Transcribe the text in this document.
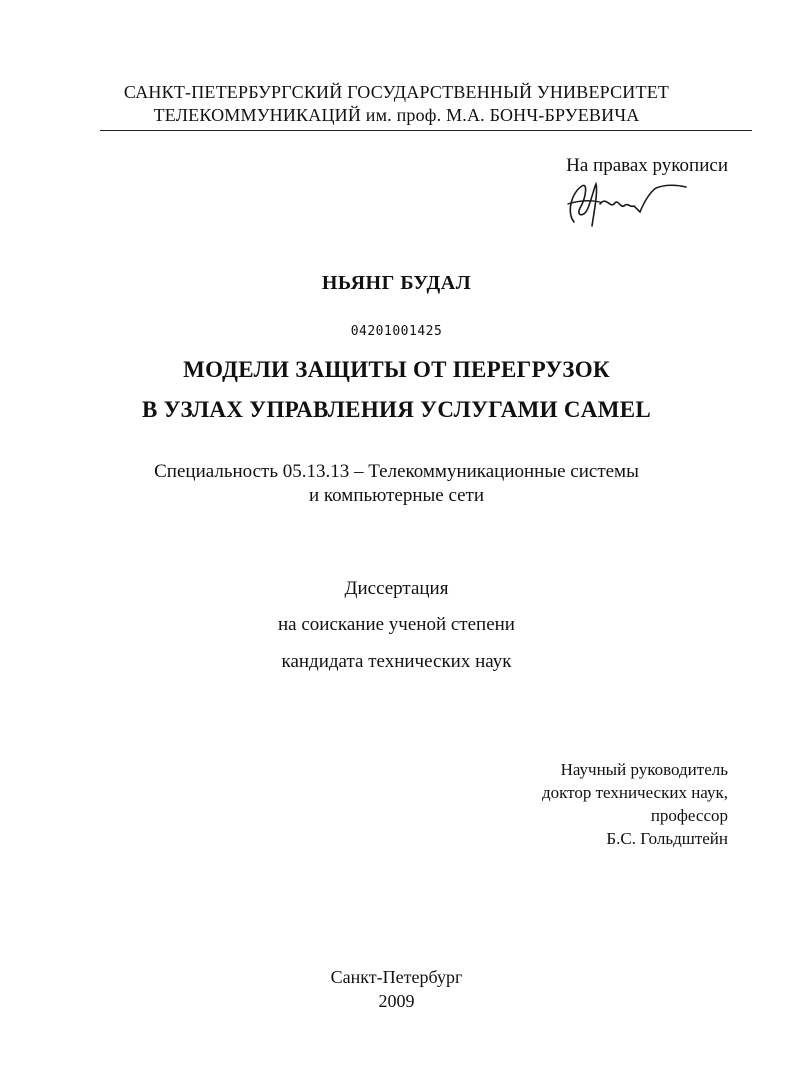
САНКТ-ПЕТЕРБУРГСКИЙ ГОСУДАРСТВЕННЫЙ УНИВЕРСИТЕТ
ТЕЛЕКОММУНИКАЦИЙ им. проф. М.А. БОНЧ-БРУЕВИЧА
На правах рукописи
НЬЯНГ БУДАЛ
04201001425
МОДЕЛИ ЗАЩИТЫ ОТ ПЕРЕГРУЗОК
В УЗЛАХ УПРАВЛЕНИЯ УСЛУГАМИ CAMEL
Специальность 05.13.13 – Телекоммуникационные системы
и компьютерные сети
Диссертация
на соискание ученой степени
кандидата технических наук
Научный руководитель
доктор технических наук,
профессор
Б.С. Гольдштейн
Санкт-Петербург
2009
